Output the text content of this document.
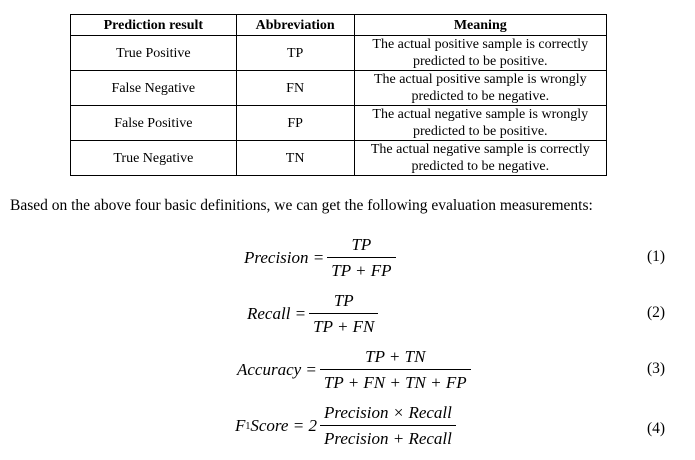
Prediction result	Abbreviation	Meaning
True Positive	TP	The actual positive sample is correctly
predicted to be positive.
False Negative	FN	The actual positive sample is wrongly
predicted to be negative.
False Positive	FP	The actual negative sample is wrongly
predicted to be positive.
True Negative	TN	The actual negative sample is correctly
predicted to be negative.
Based on the above four basic definitions, we can get the following evaluation measurements:
Precision = $\frac{TP}{TP + FP}$	(1)
Recall = $\frac{TP}{TP + FN}$	(2)
Accuracy = $\frac{TP + TN}{TP + FN + TN + FP}$	(3)
F 1 Score = $2 \frac{\text{Precision × Recall}}{\text{Precision + Recall}}$	(4)
